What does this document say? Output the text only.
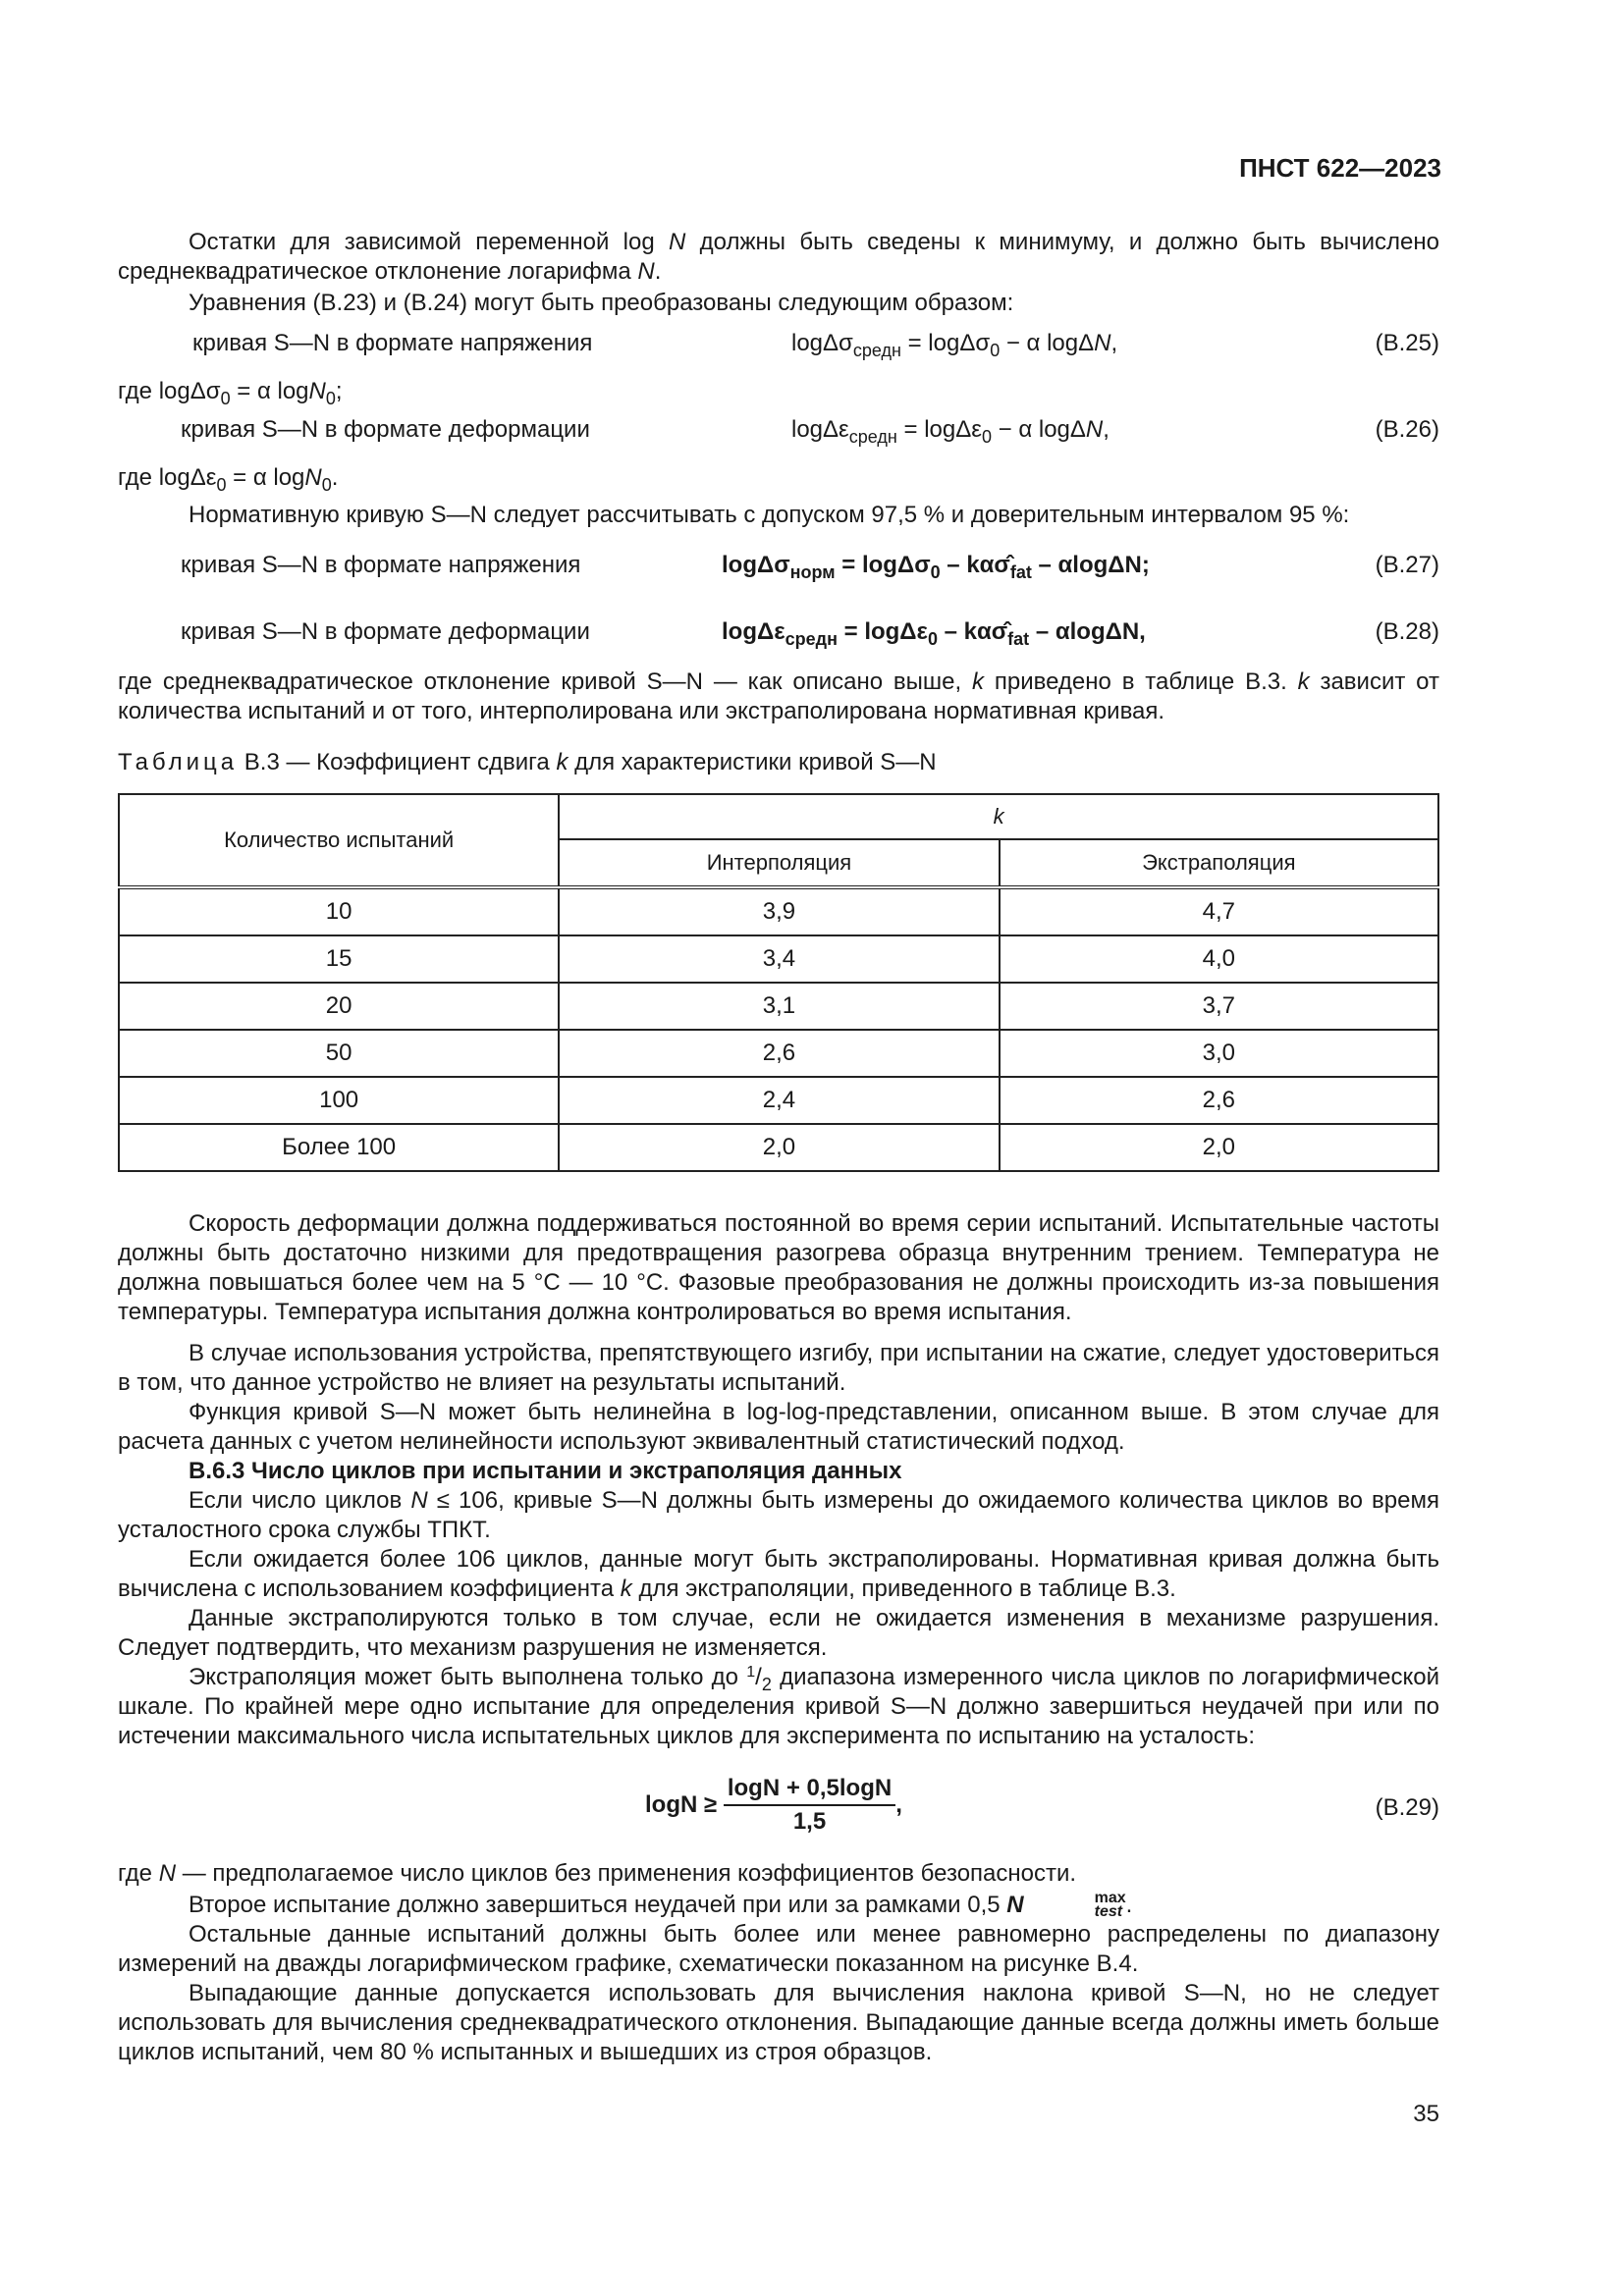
ПНСТ 622—2023
Остатки для зависимой переменной log N должны быть сведены к минимуму, и должно быть вычислено среднеквадратическое отклонение логарифма N.
Уравнения (B.23) и (B.24) могут быть преобразованы следующим образом:
кривая S—N в формате напряжения	logΔσ$_{средн}$ = logΔσ$_0$ − α logΔN,	(B.25)
где logΔσ$_0$ = α logN$_0$;
кривая S—N в формате деформации	logΔε$_{средн}$ = logΔε$_0$ − α logΔN,	(B.26)
где logΔε$_0$ = α logN$_0$.
Нормативную кривую S—N следует рассчитывать с допуском 97,5 % и доверительным интервалом 95 %:
кривая S—N в формате напряжения	$\log\Delta\sigma_{норм} = \log\Delta\sigma_0 - k\alpha\sigmâ_{fat} - \alpha\log\Delta N$;	(B.27)
кривая S—N в формате деформации	$\log\Delta\varepsilon_{средн} = \log\Delta\varepsilon_0 - k\alpha\sigmâ_{fat} - \alpha\log\Delta N$,	(B.28)
где среднеквадратическое отклонение кривой S—N — как описано выше, k приведено в таблице B.3. k зависит от количества испытаний и от того, интерполирована или экстраполирована нормативная кривая.
Таблица B.3 — Коэффициент сдвига k для характеристики кривой S—N
Количество испытаний	k	
	Интерполяция	Экстраполяция
10	3,9	4,7
15	3,4	4,0
20	3,1	3,7
50	2,6	3,0
100	2,4	2,6
Более 100	2,0	2,0
Скорость деформации должна поддерживаться постоянной во время серии испытаний. Испытательные частоты должны быть достаточно низкими для предотвращения разогрева образца внутренним трением. Температура не должна повышаться более чем на 5 °C — 10 °C. Фазовые преобразования не должны происходить из-за повышения температуры. Температура испытания должна контролироваться во время испытания.
В случае использования устройства, препятствующего изгибу, при испытании на сжатие, следует удостовериться в том, что данное устройство не влияет на результаты испытаний.
Функция кривой S—N может быть нелинейна в log-log-представлении, описанном выше. В этом случае для расчета данных с учетом нелинейности используют эквивалентный статистический подход.
B.6.3 Число циклов при испытании и экстраполяция данных
Если число циклов N ≤ 106, кривые S—N должны быть измерены до ожидаемого количества циклов во время усталостного срока службы ТПКТ.
Если ожидается более 106 циклов, данные могут быть экстраполированы. Нормативная кривая должна быть вычислена с использованием коэффициента k для экстраполяции, приведенного в таблице B.3.
Данные экстраполируются только в том случае, если не ожидается изменения в механизме разрушения. Следует подтвердить, что механизм разрушения не изменяется.
Экстраполяция может быть выполнена только до $^1/_2$ диапазона измеренного числа циклов по логарифмической шкале. По крайней мере одно испытание для определения кривой S—N должно завершиться неудачей при или по истечении максимального числа испытательных циклов для эксперимента по испытанию на усталость:
$\log N \ge \frac{\log N + 0,5\log N}{1,5}$ ,	(B.29)
где N — предполагаемое число циклов без применения коэффициентов безопасности.
Второе испытание должно завершиться неудачей при или за рамками 0,5 N	max
test .
Остальные данные испытаний должны быть более или менее равномерно распределены по диапазону измерений на дважды логарифмическом графике, схематически показанном на рисунке B.4.
Выпадающие данные допускается использовать для вычисления наклона кривой S—N, но не следует использовать для вычисления среднеквадратического отклонения. Выпадающие данные всегда должны иметь больше циклов испытаний, чем 80 % испытанных и вышедших из строя образцов.
35
